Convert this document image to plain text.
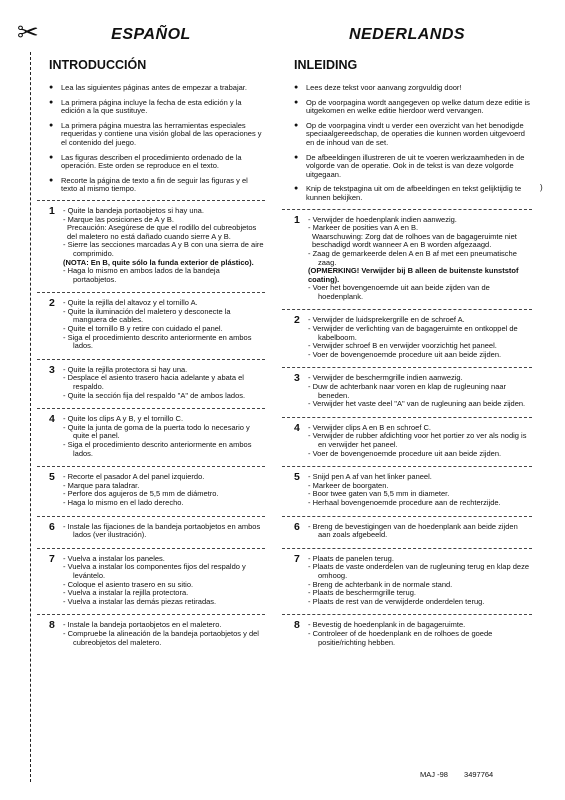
✂
)
ESPAÑOL
INTRODUCCIÓN
● Lea las siguientes páginas antes de empezar a trabajar.
● La primera página incluye la fecha de esta edición y la edición a la que sustituye.
● La primera página muestra las herramientas especiales requeridas y contiene una visión global de las operaciones y el contenido del juego.
● Las figuras describen el procedimiento ordenado de la operación. Este orden se reproduce en el texto.
● Recorte la página de texto a fin de seguir las figuras y el texto al mismo tiempo.
1	- Quite la bandeja portaobjetos si hay una.
- Marque las posiciones de A y B.
Precaución: Asegúrese de que el rodillo del cubreobjetos del maletero no está dañado cuando sierre A y B.
- Sierre las secciones marcadas A y B con una sierra de aire comprimido.
(NOTA: En B, quite sólo la funda exterior de plástico).
- Haga lo mismo en ambos lados de la bandeja portaobjetos.
2	- Quite la rejilla del altavoz y el tornillo A.
- Quite la iluminación del maletero y desconecte la manguera de cables.
- Quite el tornillo B y retire con cuidado el panel.
- Siga el procedimiento descrito anteriormente en ambos lados.
3	- Quite la rejilla protectora si hay una.
- Desplace el asiento trasero hacia adelante y abata el respaldo.
- Quite la sección fija del respaldo "A" de ambos lados.
4	- Quite los clips A y B, y el tornillo C.
- Quite la junta de goma de la puerta todo lo necesario y quite el panel.
- Siga el procedimiento descrito anteriormente en ambos lados.
5	- Recorte el pasador A del panel izquierdo.
- Marque para taladrar.
- Perfore dos agujeros de 5,5 mm de diámetro.
- Haga lo mismo en el lado derecho.
6	- Instale las fijaciones de la bandeja portaobjetos en ambos lados (ver ilustración).
7	- Vuelva a instalar los paneles.
- Vuelva a instalar los componentes fijos del respaldo y levántelo.
- Coloque el asiento trasero en su sitio.
- Vuelva a instalar la rejilla protectora.
- Vuelva a instalar las demás piezas retiradas.
8	- Instale la bandeja portaobjetos en el maletero.
- Compruebe la alineación de la bandeja portaobjetos y del cubreobjetos del maletero.
NEDERLANDS
INLEIDING
● Lees deze tekst voor aanvang zorgvuldig door!
● Op de voorpagina wordt aangegeven op welke datum deze editie is uitgekomen en welke editie hierdoor werd vervangen.
● Op de voorpagina vindt u verder een overzicht van het benodigde speciaalgereedschap, de operaties die kunnen worden uitgevoerd en de inhoud van de set.
● De afbeeldingen illustreren de uit te voeren werkzaamheden in de volgorde van de operatie. Ook in de tekst is van deze volgorde uitgegaan.
● Knip de tekstpagina uit om de afbeeldingen en tekst gelijktijdig te kunnen bekijken.
1	- Verwijder de hoedenplank indien aanwezig.
- Markeer de posities van A en B.
Waarschuwing: Zorg dat de rolhoes van de bagageruimte niet beschadigd wordt wanneer A en B worden afgezaagd.
- Zaag de gemarkeerde delen A en B af met een pneumatische zaag.
(OPMERKING! Verwijder bij B alleen de buitenste kunststof coating).
- Voer het bovengenoemde uit aan beide zijden van de hoedenplank.
2	- Verwijder de luidsprekergrille en de schroef A.
- Verwijder de verlichting van de bagageruimte en ontkoppel de kabelboom.
- Verwijder schroef B en verwijder voorzichtig het paneel.
- Voer de bovengenoemde procedure uit aan beide zijden.
3	- Verwijder de beschermgrille indien aanwezig.
- Duw de achterbank naar voren en klap de rugleuning naar beneden.
- Verwijder het vaste deel "A" van de rugleuning aan beide zijden.
4	- Verwijder clips A en B en schroef C.
- Verwijder de rubber afdichting voor het portier zo ver als nodig is en verwijder het paneel.
- Voer de bovengenoemde procedure uit aan beide zijden.
5	- Snijd pen A af van het linker paneel.
- Markeer de boorgaten.
- Boor twee gaten van 5,5 mm in diameter.
- Herhaal bovengenoemde procedure aan de rechterzijde.
6	- Breng de bevestigingen van de hoedenplank aan beide zijden aan zoals afgebeeld.
7	- Plaats de panelen terug.
- Plaats de vaste onderdelen van de rugleuning terug en klap deze omhoog.
- Breng de achterbank in de normale stand.
- Plaats de beschermgrille terug.
- Plaats de rest van de verwijderde onderdelen terug.
8	- Bevestig de hoedenplank in de bagageruimte.
- Controleer of de hoedenplank en de rolhoes de goede positie/richting hebben.
MAJ -98 3497764
